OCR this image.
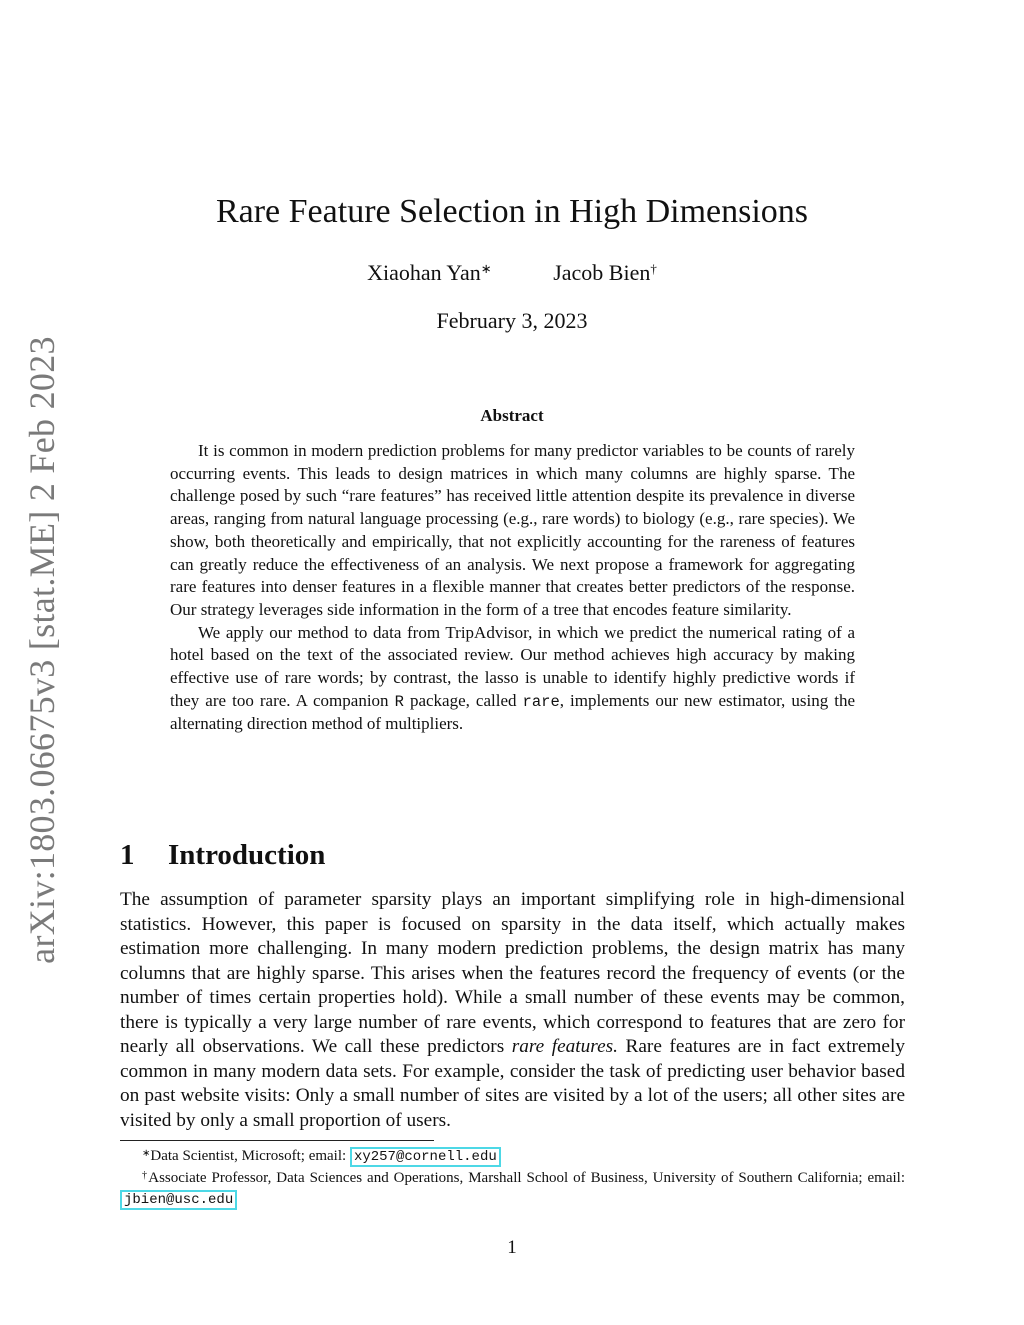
arXiv:1803.06675v3 [stat.ME] 2 Feb 2023
Rare Feature Selection in High Dimensions
Xiaohan Yan∗	Jacob Bien†
February 3, 2023
Abstract

It is common in modern prediction problems for many predictor variables to be counts of rarely occurring events. This leads to design matrices in which many columns are highly sparse. The challenge posed by such “rare features” has received little attention despite its prevalence in diverse areas, ranging from natural language processing (e.g., rare words) to biology (e.g., rare species). We show, both theoretically and empirically, that not explicitly accounting for the rareness of features can greatly reduce the effectiveness of an analysis. We next propose a framework for aggregating rare features into denser features in a flexible manner that creates better predictors of the response. Our strategy leverages side information in the form of a tree that encodes feature similarity.

We apply our method to data from TripAdvisor, in which we predict the numerical rating of a hotel based on the text of the associated review. Our method achieves high accuracy by making effective use of rare words; by contrast, the lasso is unable to identify highly predictive words if they are too rare. A companion R package, called rare, implements our new estimator, using the alternating direction method of multipliers.

1 Introduction

The assumption of parameter sparsity plays an important simplifying role in high-dimensional statistics. However, this paper is focused on sparsity in the data itself, which actually makes estimation more challenging. In many modern prediction problems, the design matrix has many columns that are highly sparse. This arises when the features record the frequency of events (or the number of times certain properties hold). While a small number of these events may be common, there is typically a very large number of rare events, which correspond to features that are zero for nearly all observations. We call these predictors rare features. Rare features are in fact extremely common in many modern data sets. For example, consider the task of predicting user behavior based on past website visits: Only a small number of sites are visited by a lot of the users; all other sites are visited by only a small proportion of users.

∗Data Scientist, Microsoft; email: xy257@cornell.edu

†Associate Professor, Data Sciences and Operations, Marshall School of Business, University of Southern California; email: jbien@usc.edu

1
